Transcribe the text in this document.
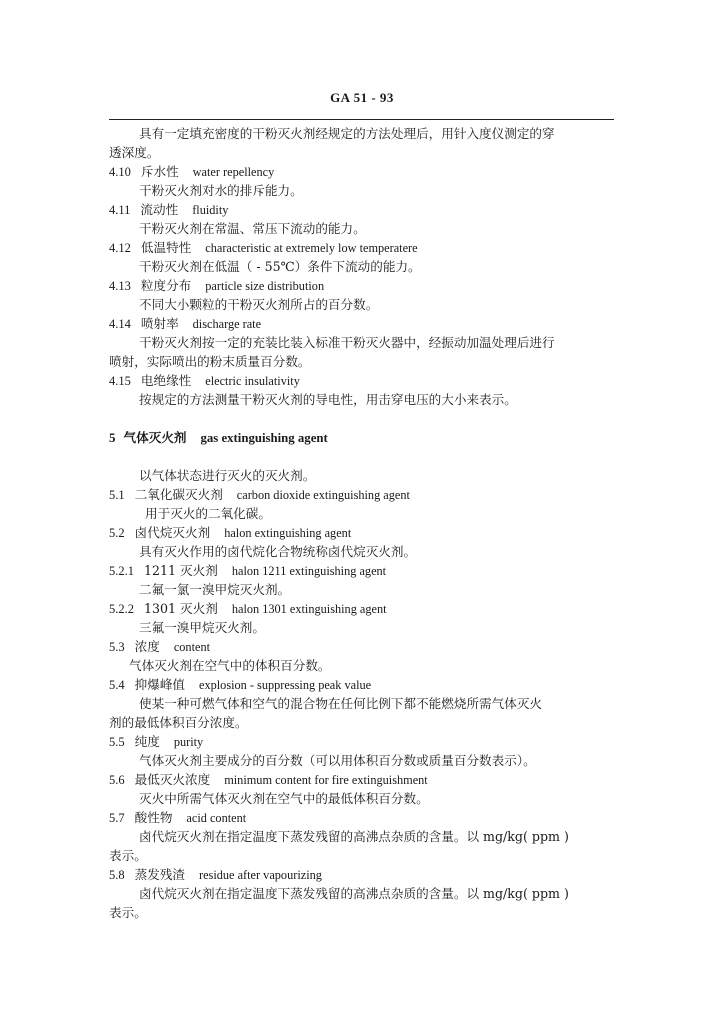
GA 51 - 93
具有一定填充密度的干粉灭火剂经规定的方法处理后，用针入度仪测定的穿
透深度。
4.10 斥水性 water repellency
干粉灭火剂对水的排斥能力。
4.11 流动性 fluidity
干粉灭火剂在常温、常压下流动的能力。
4.12 低温特性 characteristic at extremely low temperatere
干粉灭火剂在低温（ - 55℃）条件下流动的能力。
4.13 粒度分布 particle size distribution
不同大小颗粒的干粉灭火剂所占的百分数。
4.14 喷射率 discharge rate
干粉灭火剂按一定的充装比装入标准干粉灭火器中，经振动加温处理后进行
喷射，实际喷出的粉末质量百分数。
4.15 电绝缘性 electric insulativity
按规定的方法测量干粉灭火剂的导电性，用击穿电压的大小来表示。
5 气体灭火剂 gas extinguishing agent
以气体状态进行灭火的灭火剂。
5.1 二氧化碳灭火剂 carbon dioxide extinguishing agent
用于灭火的二氧化碳。
5.2 卤代烷灭火剂 halon extinguishing agent
具有灭火作用的卤代烷化合物统称卤代烷灭火剂。
5.2.1 1211 灭火剂 halon 1211 extinguishing agent
二氟一氯一溴甲烷灭火剂。
5.2.2 1301 灭火剂 halon 1301 extinguishing agent
三氟一溴甲烷灭火剂。
5.3 浓度 content
气体灭火剂在空气中的体积百分数。
5.4 抑爆峰值 explosion - suppressing peak value
使某一种可燃气体和空气的混合物在任何比例下都不能燃烧所需气体灭火
剂的最低体积百分浓度。
5.5 纯度 purity
气体灭火剂主要成分的百分数（可以用体积百分数或质量百分数表示）。
5.6 最低灭火浓度 minimum content for fire extinguishment
灭火中所需气体灭火剂在空气中的最低体积百分数。
5.7 酸性物 acid content
卤代烷灭火剂在指定温度下蒸发残留的高沸点杂质的含量。以 mg/kg( ppm )
表示。
5.8 蒸发残渣 residue after vapourizing
卤代烷灭火剂在指定温度下蒸发残留的高沸点杂质的含量。以 mg/kg( ppm )
表示。
